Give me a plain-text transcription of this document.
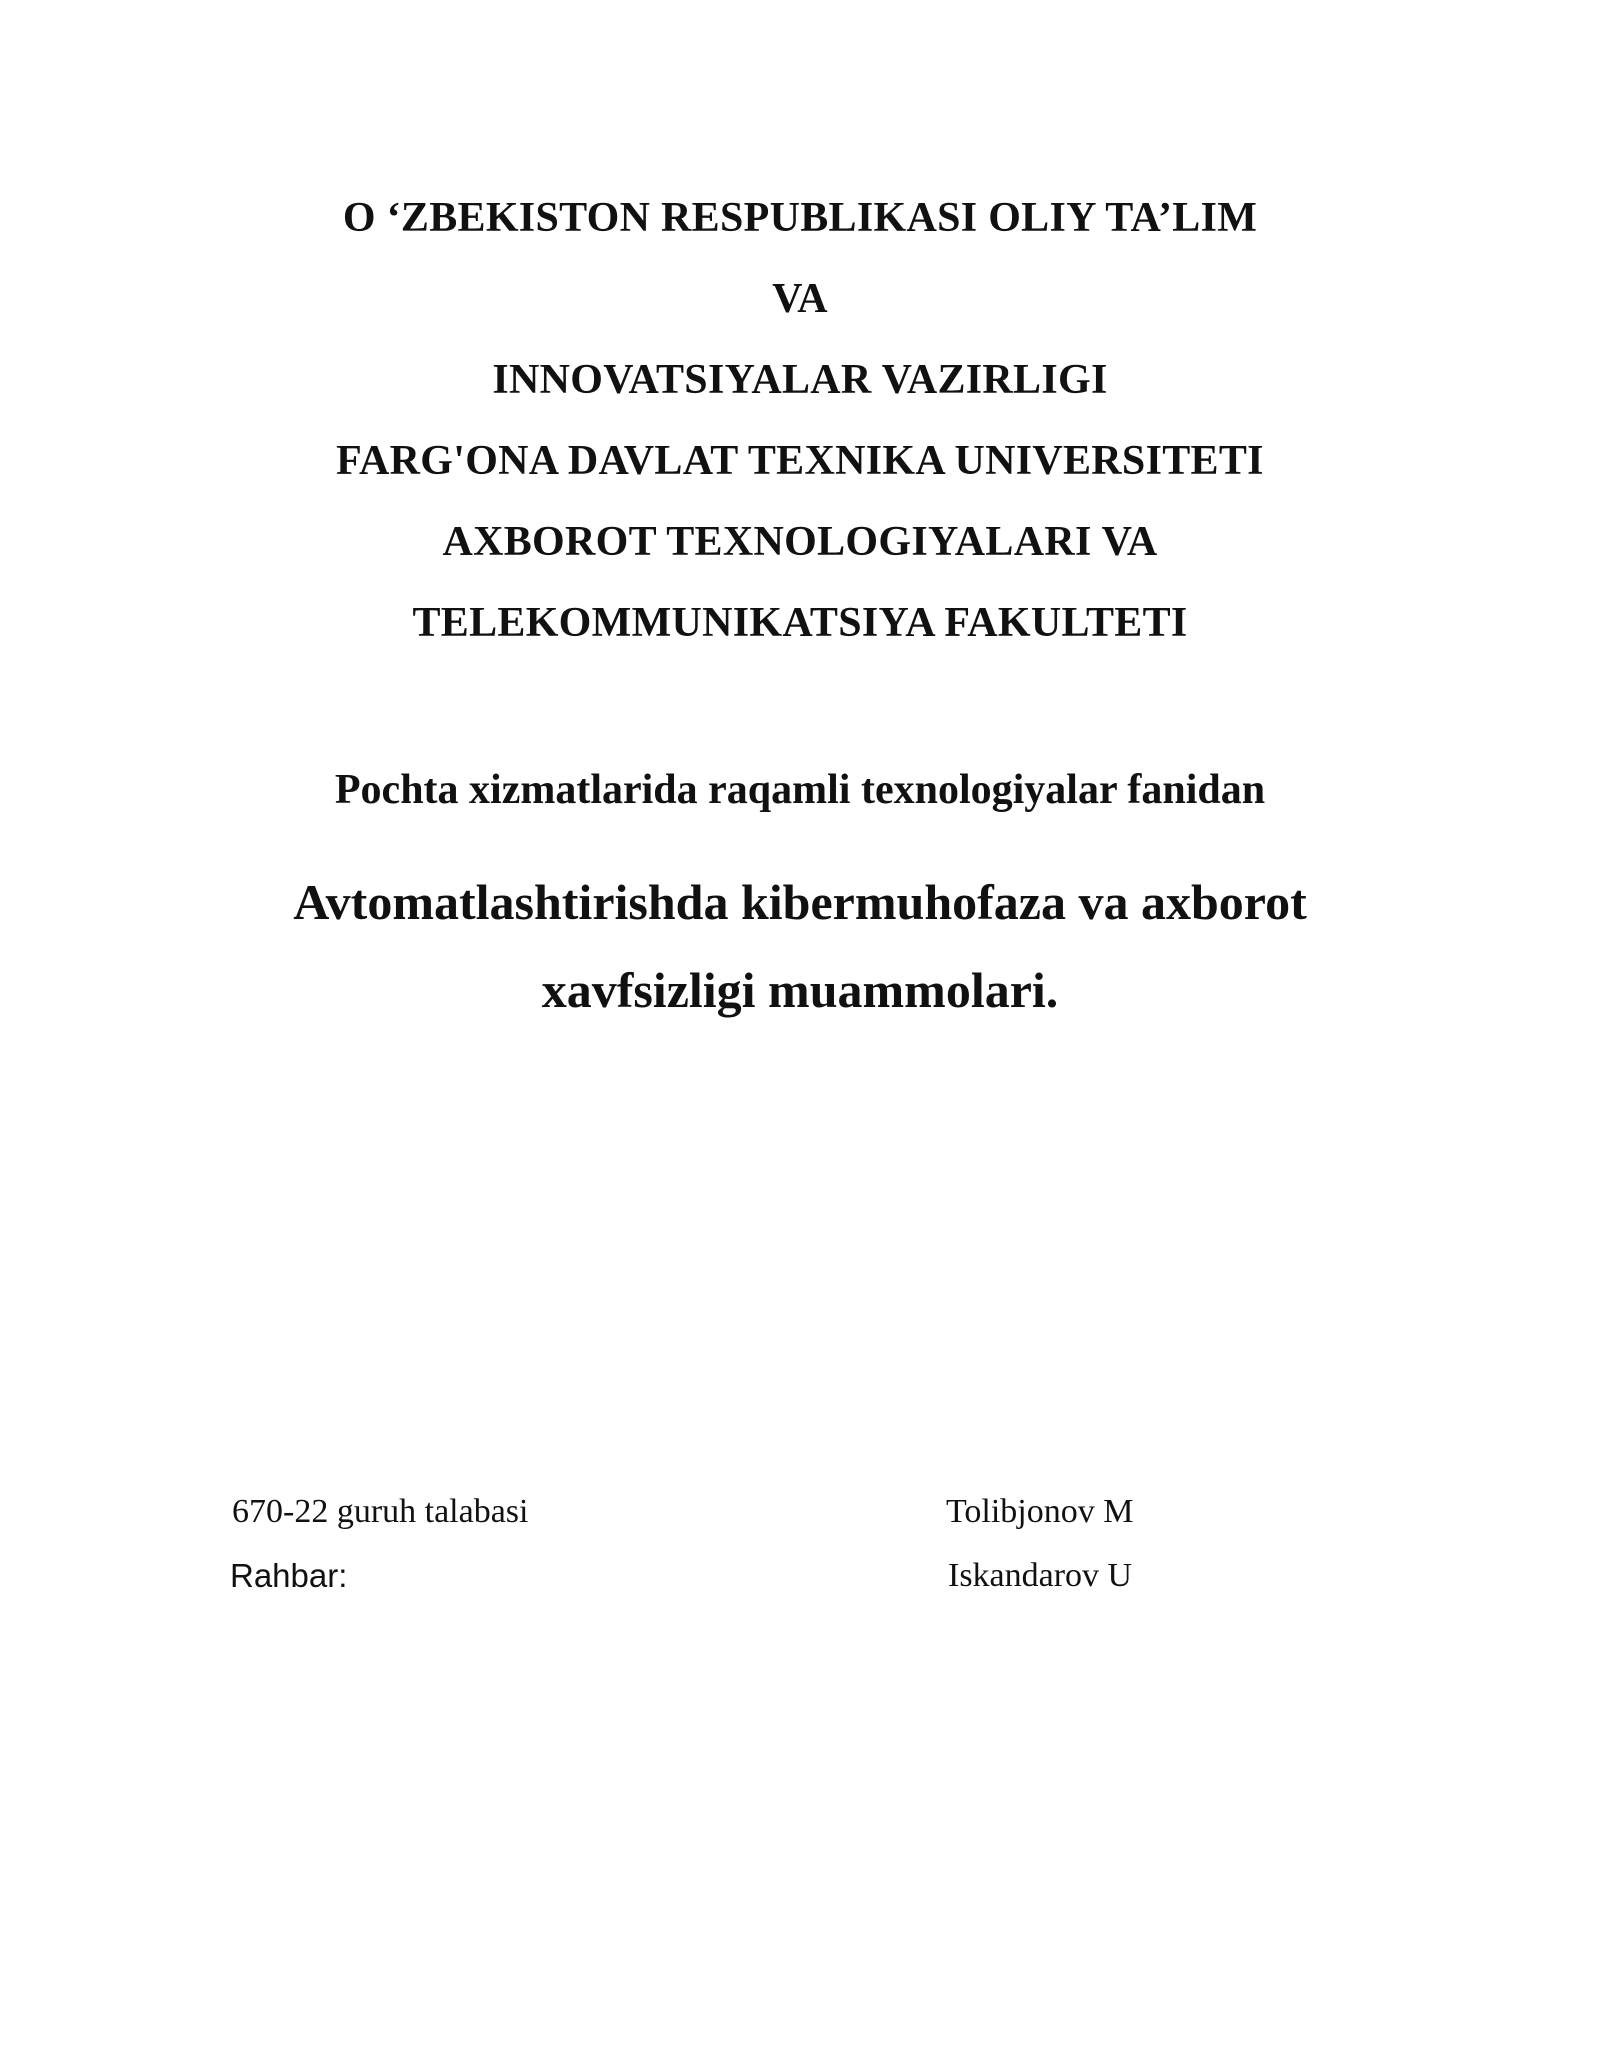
O ‘ZBEKISTON RESPUBLIKASI OLIY TA’LIM
VA
INNOVATSIYALAR VAZIRLIGI
FARG'ONA DAVLAT TEXNIKA UNIVERSITETI
AXBOROT TEXNOLOGIYALARI VA
TELEKOMMUNIKATSIYA FAKULTETI
Pochta xizmatlarida raqamli texnologiyalar fanidan
Avtomatlashtirishda kibermuhofaza va axborot
xavfsizligi muammolari.
670-22 guruh talabasi	Tolibjonov M
Rahbar:	Iskandarov U
